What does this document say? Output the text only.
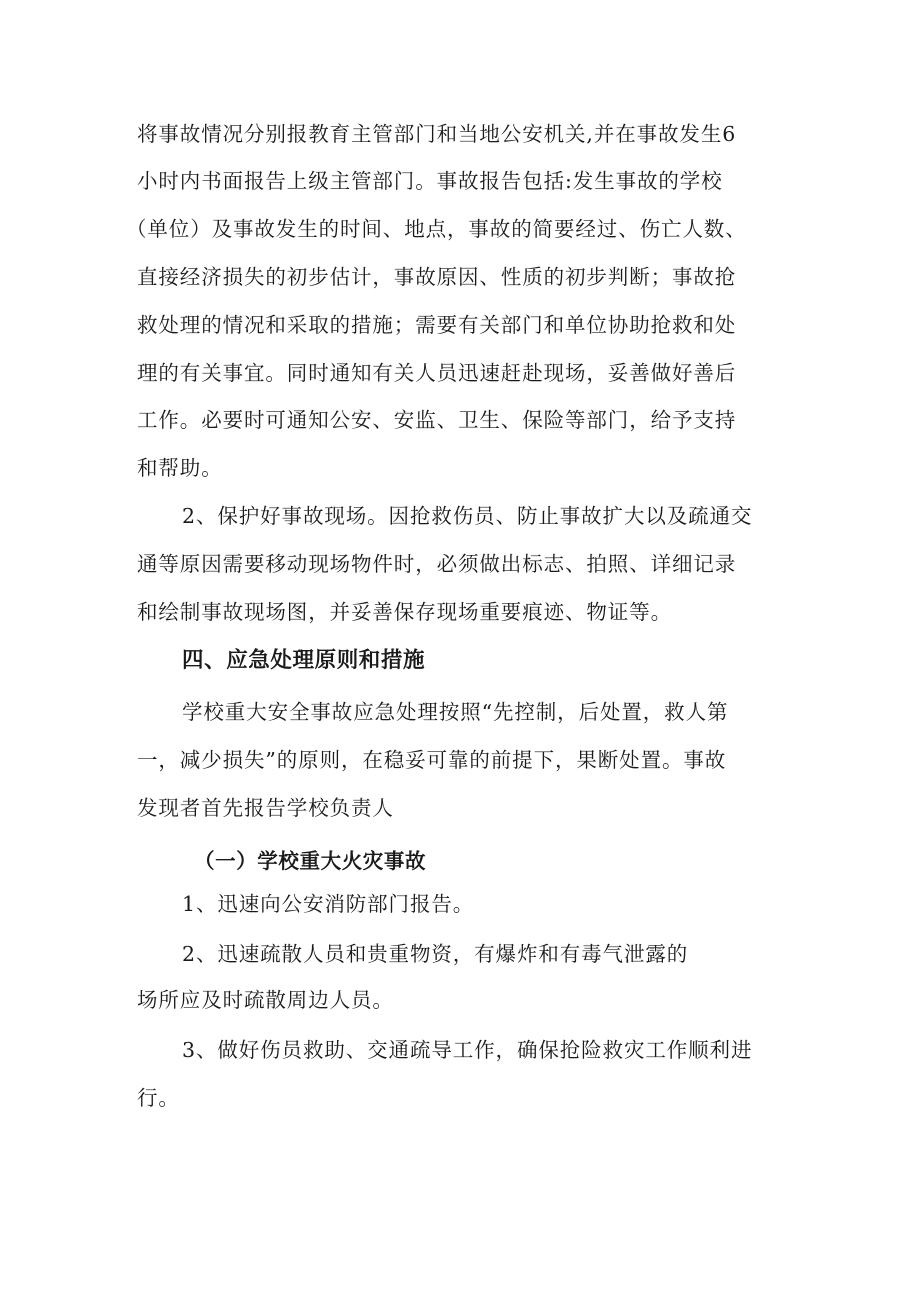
将事故情况分别报教育主管部门和当地公安机关,并在事故发生6
小时内书面报告上级主管部门。事故报告包括:发生事故的学校
（单位）及事故发生的时间、地点，事故的简要经过、伤亡人数、
直接经济损失的初步估计，事故原因、性质的初步判断；事故抢
救处理的情况和采取的措施；需要有关部门和单位协助抢救和处
理的有关事宜。同时通知有关人员迅速赶赴现场，妥善做好善后
工作。必要时可通知公安、安监、卫生、保险等部门，给予支持
和帮助。
2、保护好事故现场。因抢救伤员、防止事故扩大以及疏通交
通等原因需要移动现场物件时，必须做出标志、拍照、详细记录
和绘制事故现场图，并妥善保存现场重要痕迹、物证等。
四、应急处理原则和措施
学校重大安全事故应急处理按照“先控制，后处置，救人第
一，减少损失”的原则，在稳妥可靠的前提下，果断处置。事故
发现者首先报告学校负责人
（一）学校重大火灾事故
1、迅速向公安消防部门报告。
2、迅速疏散人员和贵重物资，有爆炸和有毒气泄露的
场所应及时疏散周边人员。
3、做好伤员救助、交通疏导工作，确保抢险救灾工作顺利进
行。
